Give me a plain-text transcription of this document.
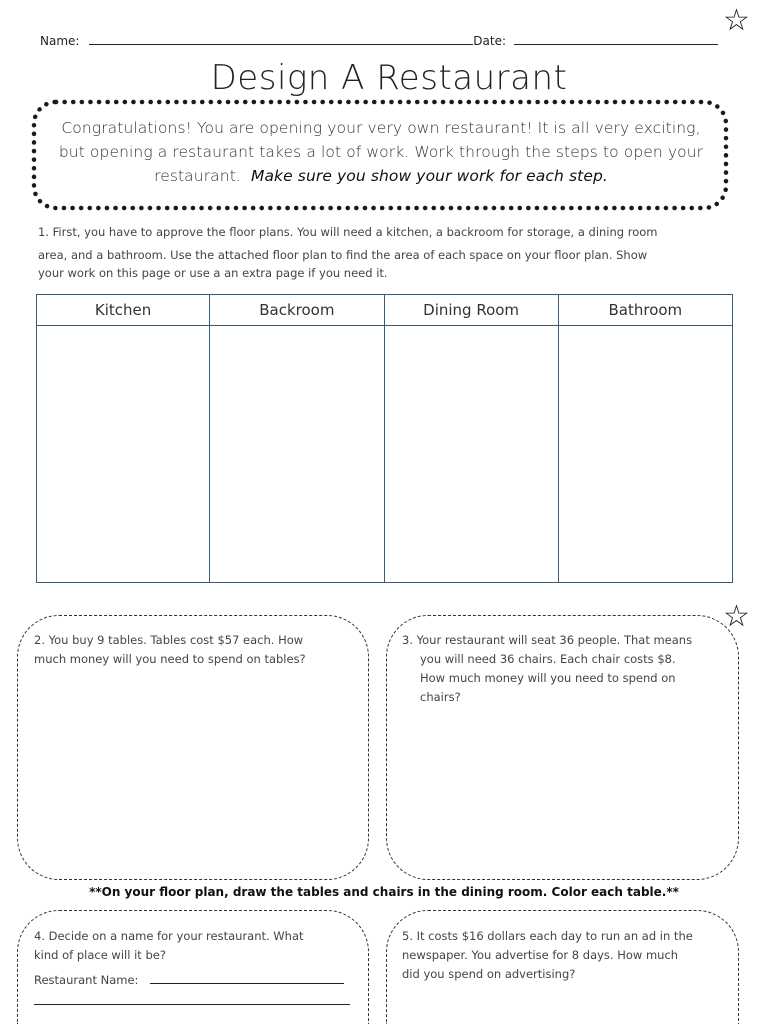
Name:	Date:
☆
Design A Restaurant
Congratulations! You are opening your very own restaurant! It is all very exciting,
but opening a restaurant takes a lot of work. Work through the steps to open your
restaurant. Make sure you show your work for each step.
1. First, you have to approve the floor plans. You will need a kitchen, a backroom for storage, a dining room
area, and a bathroom. Use the attached floor plan to find the area of each space on your floor plan. Show
your work on this page or use a an extra page if you need it.
Kitchen	Backroom	Dining Room	Bathroom

☆
2. You buy 9 tables. Tables cost $57 each. How
much money will you need to spend on tables?
3. Your restaurant will seat 36 people. That means
you will need 36 chairs. Each chair costs $8.
How much money will you need to spend on
chairs?
**On your floor plan, draw the tables and chairs in the dining room. Color each table.**
4. Decide on a name for your restaurant. What
kind of place will it be?
Restaurant Name:
5. It costs $16 dollars each day to run an ad in the
newspaper. You advertise for 8 days. How much
did you spend on advertising?
